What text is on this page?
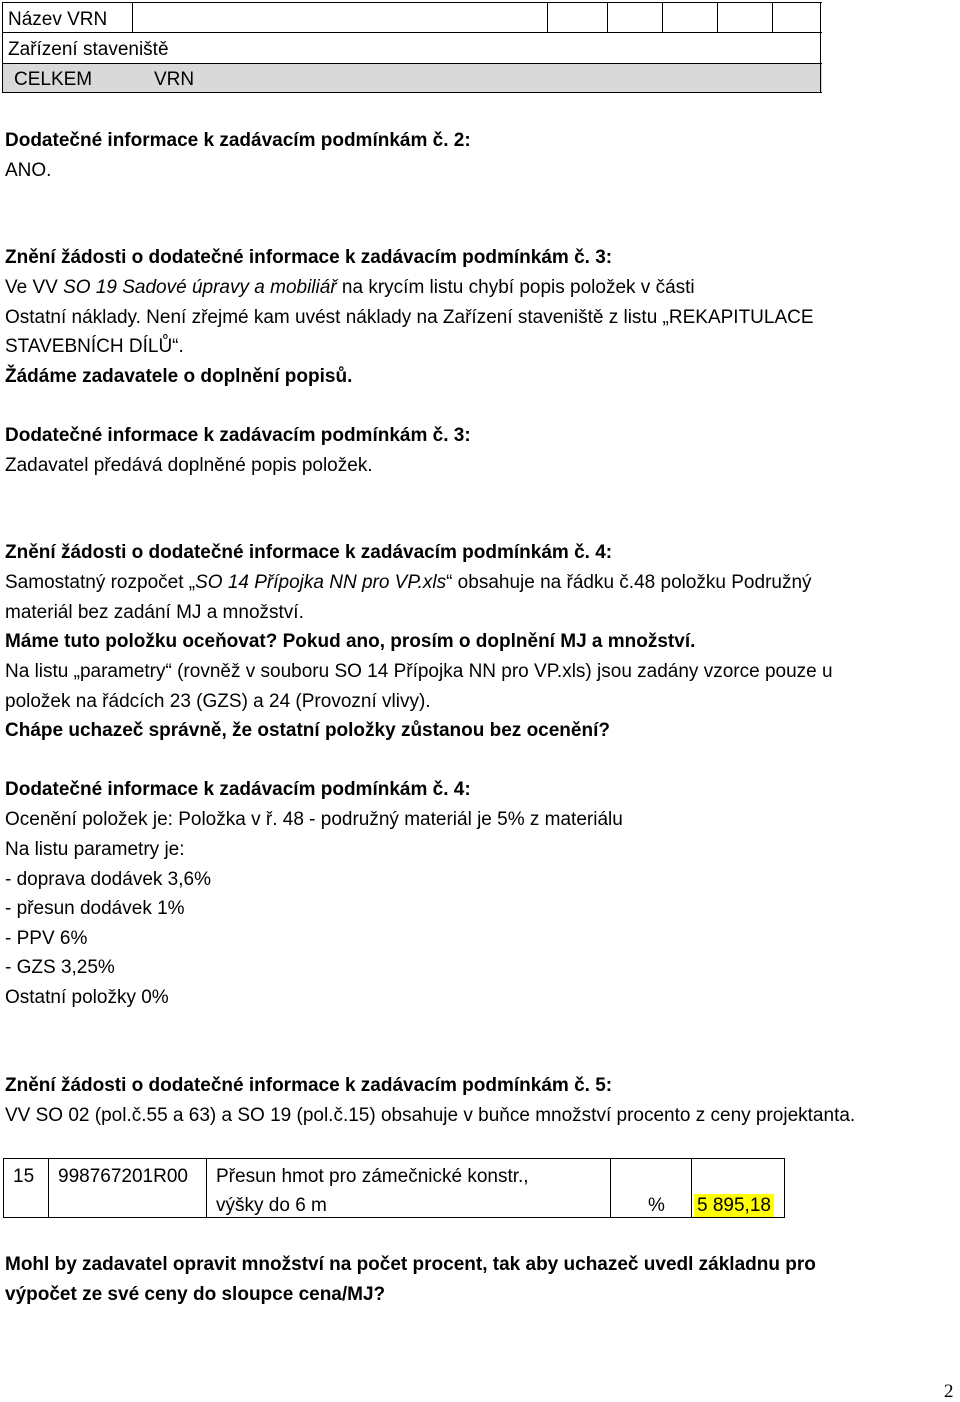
Název VRN
Zařízení staveniště
CELKEM	VRN
Dodatečné informace k zadávacím podmínkám č. 2:
ANO.
Znění žádosti o dodatečné informace k zadávacím podmínkám č. 3:
Ve VV SO 19 Sadové úpravy a mobiliář na krycím listu chybí popis položek v části
Ostatní náklady. Není zřejmé kam uvést náklady na Zařízení staveniště z listu „REKAPITULACE
STAVEBNÍCH DÍLŮ“.
Žádáme zadavatele o doplnění popisů.
Dodatečné informace k zadávacím podmínkám č. 3:
Zadavatel předává doplněné popis položek.
Znění žádosti o dodatečné informace k zadávacím podmínkám č. 4:
Samostatný rozpočet „SO 14 Přípojka NN pro VP.xls“ obsahuje na řádku č.48 položku Podružný
materiál bez zadání MJ a množství.
Máme tuto položku oceňovat? Pokud ano, prosím o doplnění MJ a množství.
Na listu „parametry“ (rovněž v souboru SO 14 Přípojka NN pro VP.xls) jsou zadány vzorce pouze u
položek na řádcích 23 (GZS) a 24 (Provozní vlivy).
Chápe uchazeč správně, že ostatní položky zůstanou bez ocenění?
Dodatečné informace k zadávacím podmínkám č. 4:
Ocenění položek je: Položka v ř. 48 - podružný materiál je 5% z materiálu
Na listu parametry je:
- doprava dodávek 3,6%
- přesun dodávek 1%
- PPV 6%
- GZS 3,25%
Ostatní položky 0%
Znění žádosti o dodatečné informace k zadávacím podmínkám č. 5:
VV SO 02 (pol.č.55 a 63) a SO 19 (pol.č.15) obsahuje v buňce množství procento z ceny projektanta.
15 998767201R00 Přesun hmot pro zámečnické konstr.,
výšky do 6 m	% 5 895,18
Mohl by zadavatel opravit množství na počet procent, tak aby uchazeč uvedl základnu pro
výpočet ze své ceny do sloupce cena/MJ?
2
